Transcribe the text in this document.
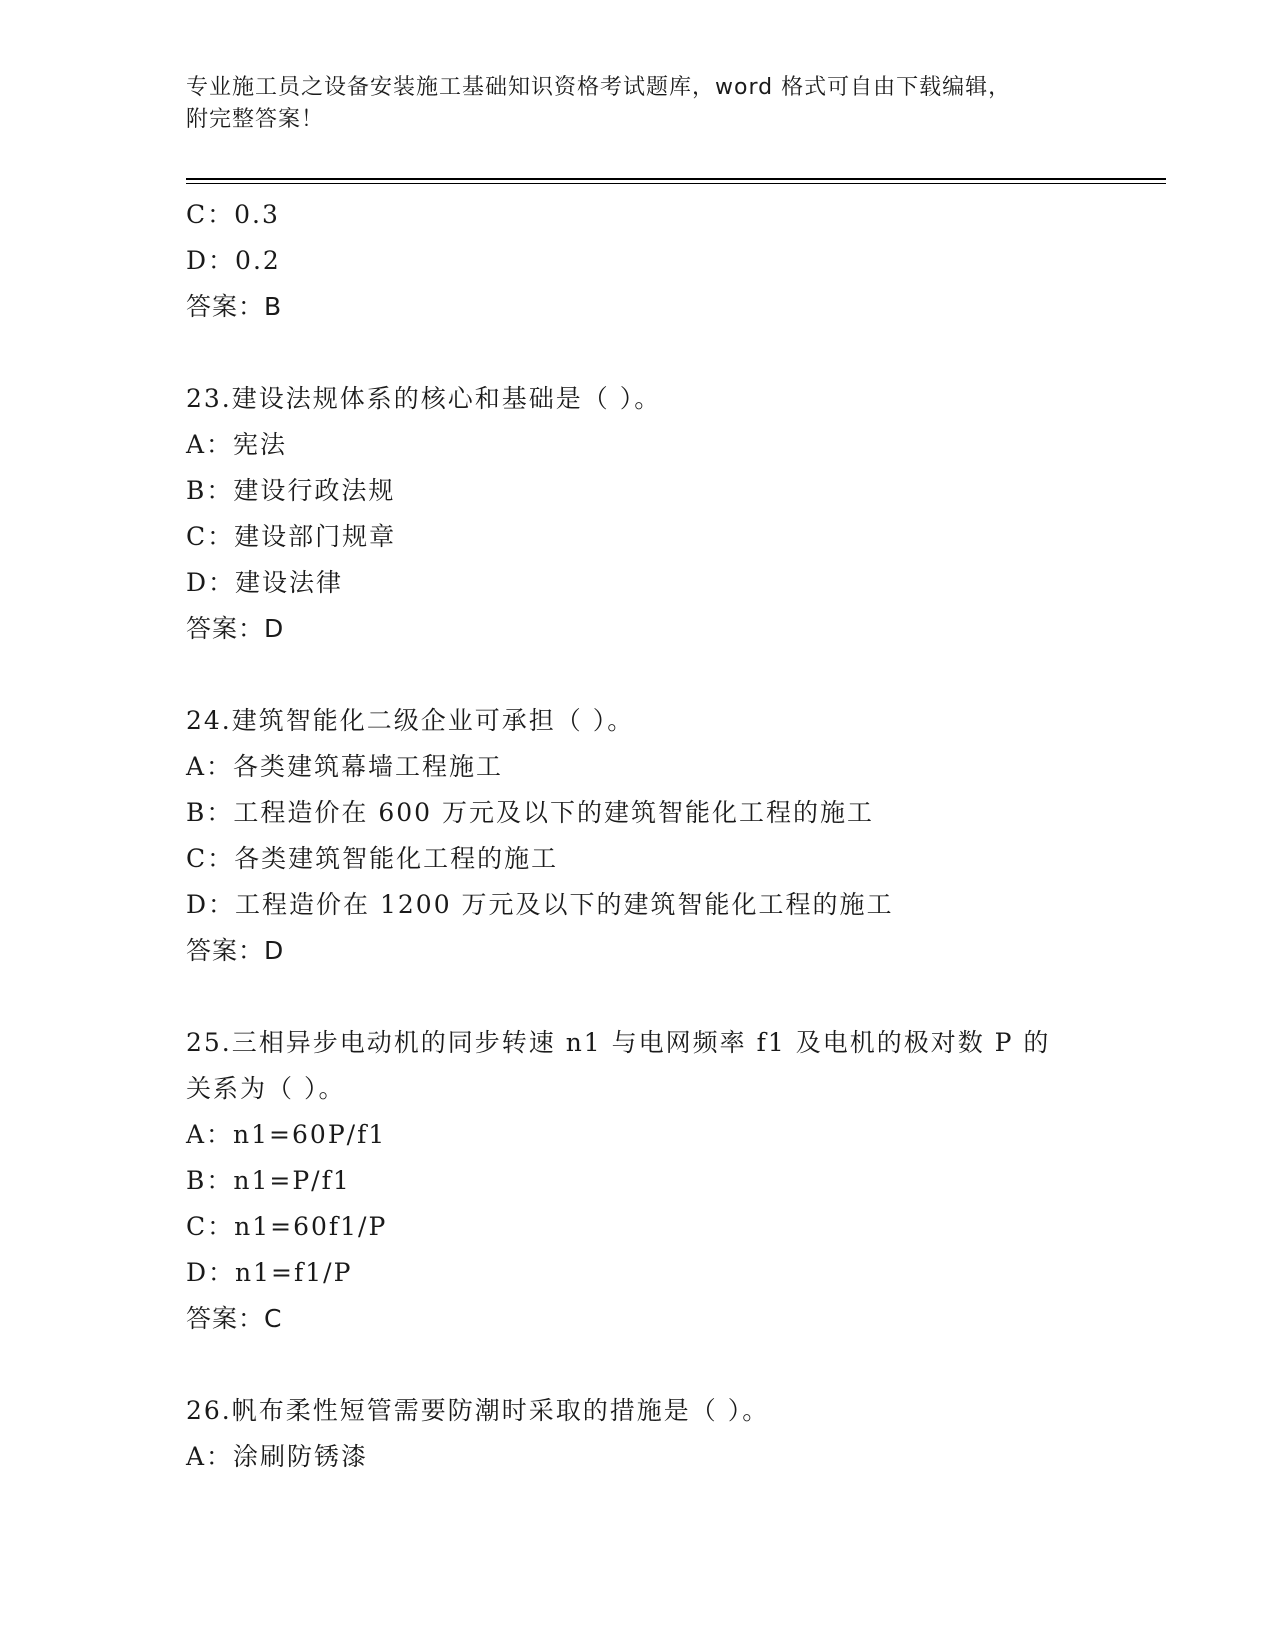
专业施工员之设备安装施工基础知识资格考试题库，word 格式可自由下载编辑，
附完整答案！
C：0.3
D：0.2
答案：B
23.建设法规体系的核心和基础是（ ）。
A：宪法
B：建设行政法规
C：建设部门规章
D：建设法律
答案：D
24.建筑智能化二级企业可承担（ ）。
A：各类建筑幕墙工程施工
B：工程造价在 600 万元及以下的建筑智能化工程的施工
C：各类建筑智能化工程的施工
D：工程造价在 1200 万元及以下的建筑智能化工程的施工
答案：D
25.三相异步电动机的同步转速 n1 与电网频率 f1 及电机的极对数 P 的
关系为（ ）。
A：n1=60P/f1
B：n1=P/f1
C：n1=60f1/P
D：n1=f1/P
答案：C
26.帆布柔性短管需要防潮时采取的措施是（ ）。
A：涂刷防锈漆
